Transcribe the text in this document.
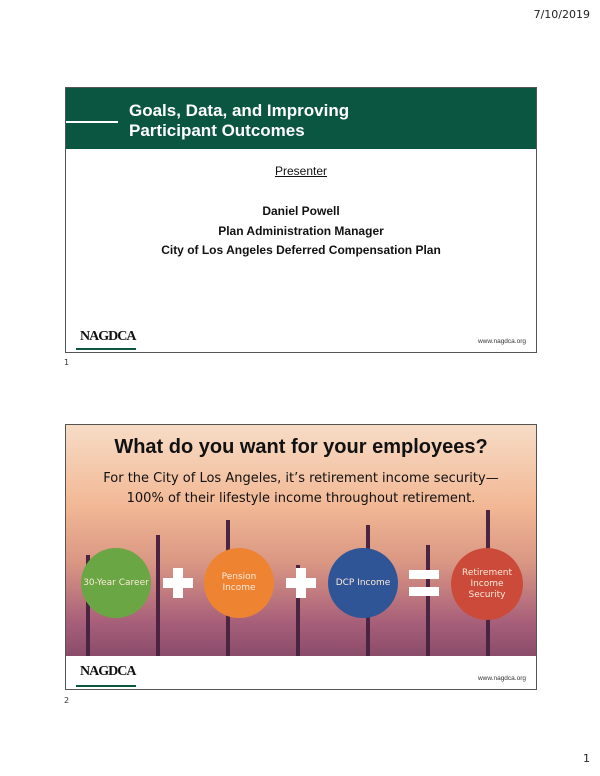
7/10/2019
Goals, Data, and Improving
Participant Outcomes
Presenter
Daniel Powell
Plan Administration Manager
City of Los Angeles Deferred Compensation Plan
NAGDCA	www.nagdca.org
1
What do you want for your employees?
For the City of Los Angeles, it’s retirement income security—
100% of their lifestyle income throughout retirement.
30-Year Career
Pension Income
DCP Income
Retirement Income Security
NAGDCA	www.nagdca.org
2
1
